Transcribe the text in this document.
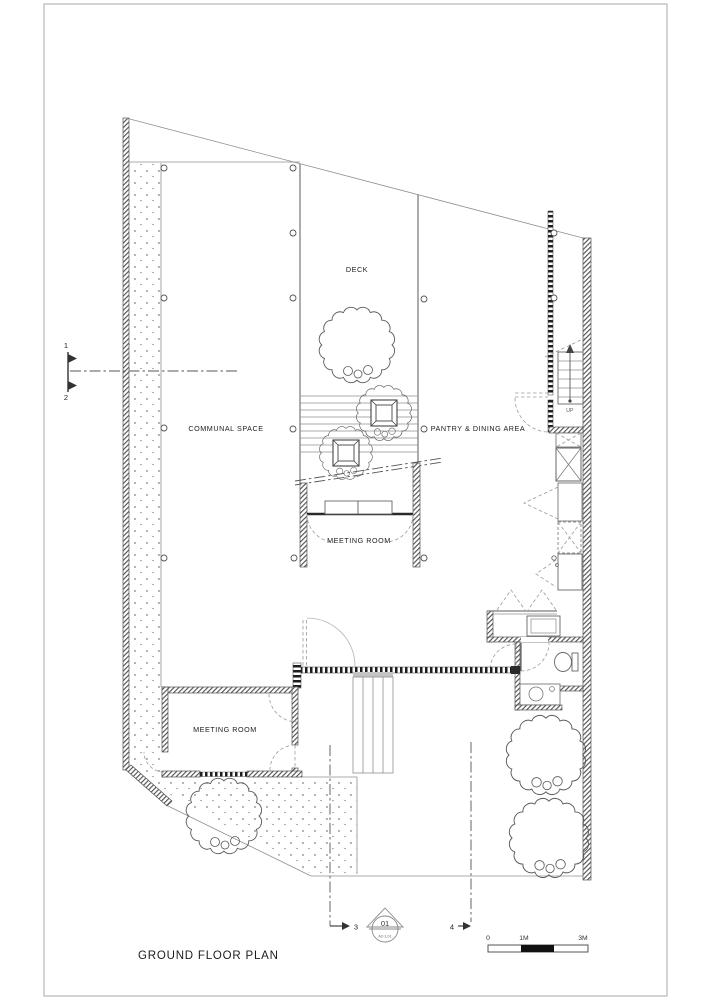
UP
1
2
3	4
01
A2-1.01	0	1M	3M
DECK
COMMUNAL SPACE	PANTRY & DINING AREA
MEETING ROOM
MEETING ROOM
GROUND FLOOR PLAN
